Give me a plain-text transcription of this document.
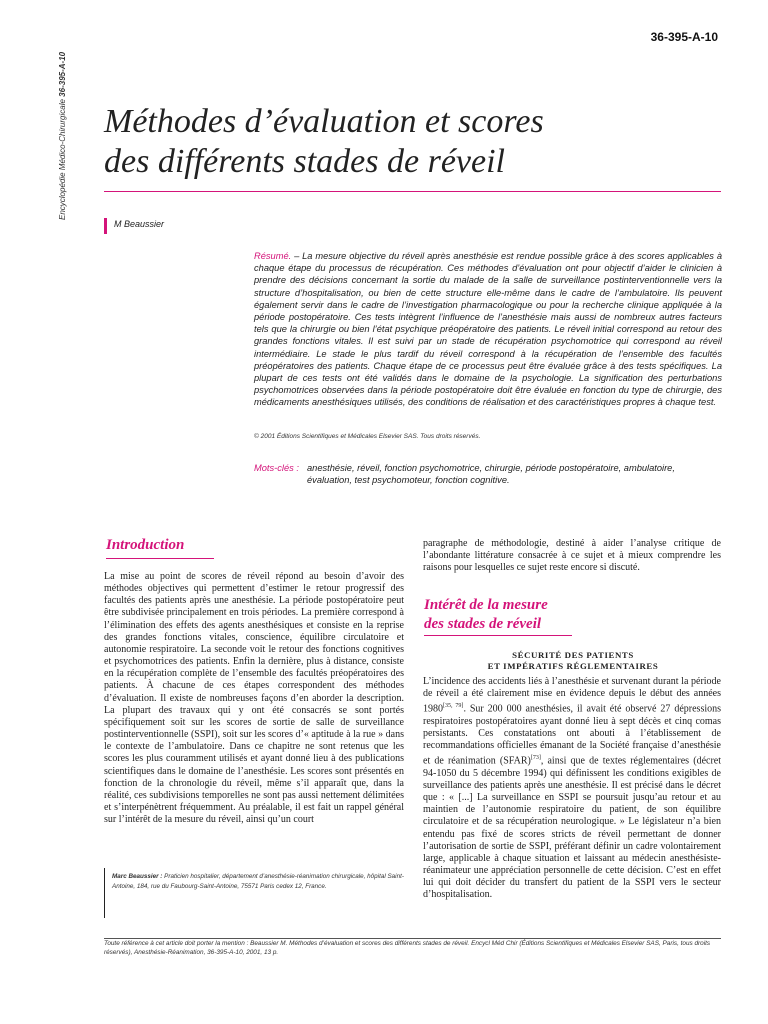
Encyclopédie Médico-Chirurgicale 36-395-A-10
36-395-A-10
Méthodes d’évaluation et scores
des différents stades de réveil
M Beaussier

Résumé. – La mesure objective du réveil après anesthésie est rendue possible grâce à des scores applicables à chaque étape du processus de récupération. Ces méthodes d’évaluation ont pour objectif d’aider le clinicien à prendre des décisions concernant la sortie du malade de la salle de surveillance postinterventionnelle vers la structure d’hospitalisation, ou bien de cette structure elle-même dans le cadre de l’ambulatoire. Ils peuvent également servir dans le cadre de l’investigation pharmacologique ou pour la recherche clinique appliquée à la période postopératoire. Ces tests intègrent l’influence de l’anesthésie mais aussi de nombreux autres facteurs tels que la chirurgie ou bien l’état psychique préopératoire des patients. Le réveil initial correspond au retour des grandes fonctions vitales. Il est suivi par un stade de récupération psychomotrice qui correspond au réveil intermédiaire. Le stade le plus tardif du réveil correspond à la récupération de l’ensemble des facultés préopératoires des patients. Chaque étape de ce processus peut être évaluée grâce à des tests spécifiques. La plupart de ces tests ont été validés dans le domaine de la psychologie. La signification des perturbations psychomotrices observées dans la période postopératoire doit être évaluée en fonction du type de chirurgie, des médicaments anesthésiques utilisés, des conditions de réalisation et des caractéristiques propres à chaque test.

© 2001 Éditions Scientifiques et Médicales Elsevier SAS. Tous droits réservés.
Mots-clés : anesthésie, réveil, fonction psychomotrice, chirurgie, période postopératoire, ambulatoire, évaluation, test psychomoteur, fonction cognitive.
Introduction

La mise au point de scores de réveil répond au besoin d’avoir des méthodes objectives qui permettent d’estimer le retour progressif des facultés des patients après une anesthésie. La période postopératoire peut être subdivisée principalement en trois périodes. La première correspond à l’élimination des effets des agents anesthésiques et consiste en la reprise des grandes fonctions vitales, conscience, équilibre circulatoire et autonomie respiratoire. La seconde voit le retour des fonctions cognitives et psychomotrices des patients. Enfin la dernière, plus à distance, consiste en la récupération complète de l’ensemble des facultés préopératoires des patients. À chacune de ces étapes correspondent des méthodes d’évaluation. Il existe de nombreuses façons d’en aborder la description. La plupart des travaux qui y ont été consacrés se sont portés spécifiquement soit sur les scores de sortie de salle de surveillance postinterventionnelle (SSPI), soit sur les scores d’« aptitude à la rue » dans le contexte de l’ambulatoire. Dans ce chapitre ne sont retenus que les scores les plus couramment utilisés et ayant donné lieu à des publications scientifiques dans le domaine de l’anesthésie. Les scores sont présentés en fonction de la chronologie du réveil, même s’il apparaît que, dans la réalité, ces subdivisions temporelles ne sont pas aussi nettement délimitées et s’interpénètrent fréquemment. Au préalable, il est fait un rappel général sur l’intérêt de la mesure du réveil, ainsi qu’un court

paragraphe de méthodologie, destiné à aider l’analyse critique de l’abondante littérature consacrée à ce sujet et à mieux comprendre les raisons pour lesquelles ce sujet reste encore si discuté.

Intérêt de la mesure
des stades de réveil
SÉCURITÉ DES PATIENTS
ET IMPÉRATIFS RÉGLEMENTAIRES

L’incidence des accidents liés à l’anesthésie et survenant durant la période de réveil a été clairement mise en évidence depuis le début des années 1980[35, 79]. Sur 200 000 anesthésies, il avait été observé 27 dépressions respiratoires postopératoires ayant donné lieu à sept décès et cinq comas persistants. Ces constatations ont abouti à l’établissement de recommandations officielles émanant de la Société française d’anesthésie et de réanimation (SFAR)[73], ainsi que de textes réglementaires (décret 94-1050 du 5 décembre 1994) qui définissent les conditions exigibles de surveillance des patients après une anesthésie. Il est précisé dans le décret que : « [...] La surveillance en SSPI se poursuit jusqu’au retour et au maintien de l’autonomie respiratoire du patient, de son équilibre circulatoire et de sa récupération neurologique. » Le législateur n’a bien entendu pas fixé de scores stricts de réveil permettant de donner l’autorisation de sortie de SSPI, préférant définir un cadre volontairement large, applicable à chaque situation et laissant au médecin anesthésiste-réanimateur une appréciation personnelle de cette décision. C’est en effet lui qui doit décider du transfert du patient de la SSPI vers le secteur d’hospitalisation.

Marc Beaussier : Praticien hospitalier, département d’anesthésie-réanimation chirurgicale, hôpital Saint-Antoine, 184, rue du Faubourg-Saint-Antoine, 75571 Paris cedex 12, France.

Toute référence à cet article doit porter la mention : Beaussier M. Méthodes d’évaluation et scores des différents stades de réveil. Encycl Méd Chir (Éditions Scientifiques et Médicales Elsevier SAS, Paris, tous droits réservés), Anesthésie-Réanimation, 36-395-A-10, 2001, 13 p.
